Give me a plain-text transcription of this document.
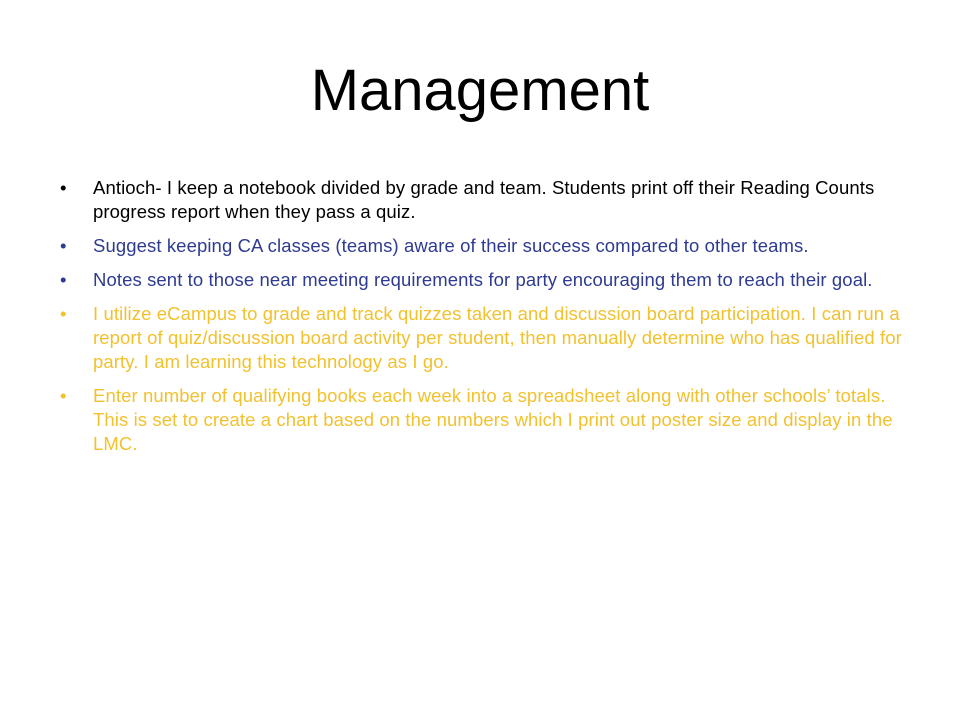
Management
•	Antioch- I keep a notebook divided by grade and team. Students print off their Reading Counts progress report when they pass a quiz.
•	Suggest keeping CA classes (teams) aware of their success compared to other teams.
•	Notes sent to those near meeting requirements for party encouraging them to reach their goal.
•	I utilize eCampus to grade and track quizzes taken and discussion board participation. I can run a report of quiz/discussion board activity per student, then manually determine who has qualified for party. I am learning this technology as I go.
•	Enter number of qualifying books each week into a spreadsheet along with other schools’ totals. This is set to create a chart based on the numbers which I print out poster size and display in the LMC.
